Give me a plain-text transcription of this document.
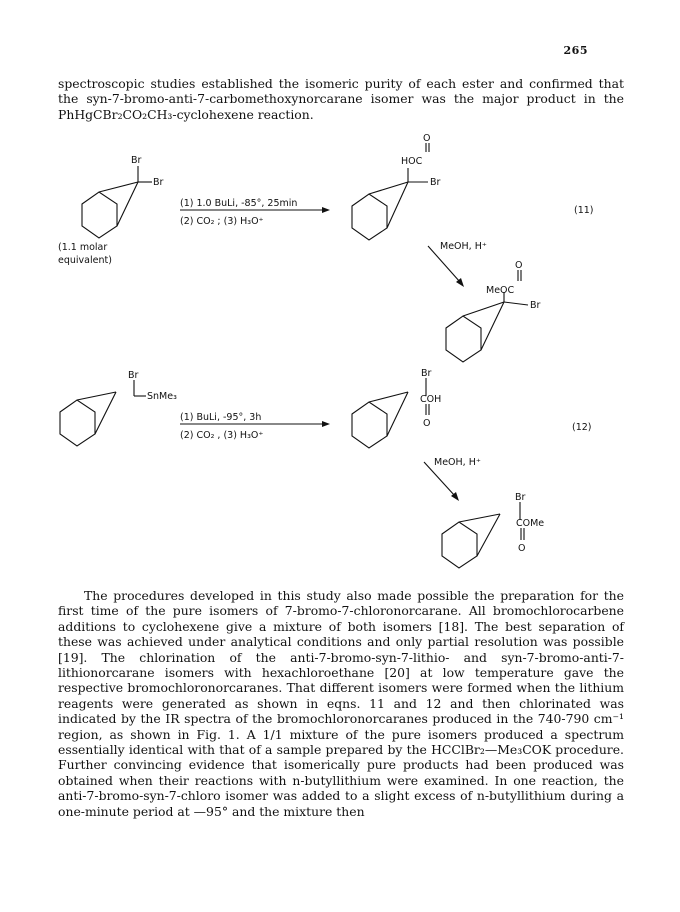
265

spectroscopic studies established the isomeric purity of each ester and confirmed that the syn-7-bromo-anti-7-carbomethoxynorcarane isomer was the major product in the PhHgCBr₂CO₂CH₃-cyclohexene reaction.

Br
Br
(1.1 molar
equivalent)
(1) 1.0 BuLi, -85°, 25min
(2) CO₂ ; (3) H₃O⁺
O
HOC
Br
(11)
MeOH, H⁺
O
MeOC
Br
Br
SnMe₃
(1) BuLi, -95°, 3h
(2) CO₂ , (3) H₃O⁺
Br
COH
O	(12)
MeOH, H⁺
Br
COMe
O

The procedures developed in this study also made possible the preparation for the first time of the pure isomers of 7-bromo-7-chloronorcarane. All bromochlorocarbene additions to cyclohexene give a mixture of both isomers [18]. The best separation of these was achieved under analytical conditions and only partial resolution was possible [19]. The chlorination of the anti-7-bromo-syn-7-lithio- and syn-7-bromo-anti-7-lithionorcarane isomers with hexachloroethane [20] at low temperature gave the respective bromochloronorcaranes. That different isomers were formed when the lithium reagents were generated as shown in eqns. 11 and 12 and then chlorinated was indicated by the IR spectra of the bromochloronorcaranes produced in the 740-790 cm⁻¹ region, as shown in Fig. 1. A 1/1 mixture of the pure isomers produced a spectrum essentially identical with that of a sample prepared by the HCClBr₂—Me₃COK procedure. Further convincing evidence that isomerically pure products had been produced was obtained when their reactions with n-butyllithium were examined. In one reaction, the anti-7-bromo-syn-7-chloro isomer was added to a slight excess of n-butyllithium during a one-minute period at —95° and the mixture then
